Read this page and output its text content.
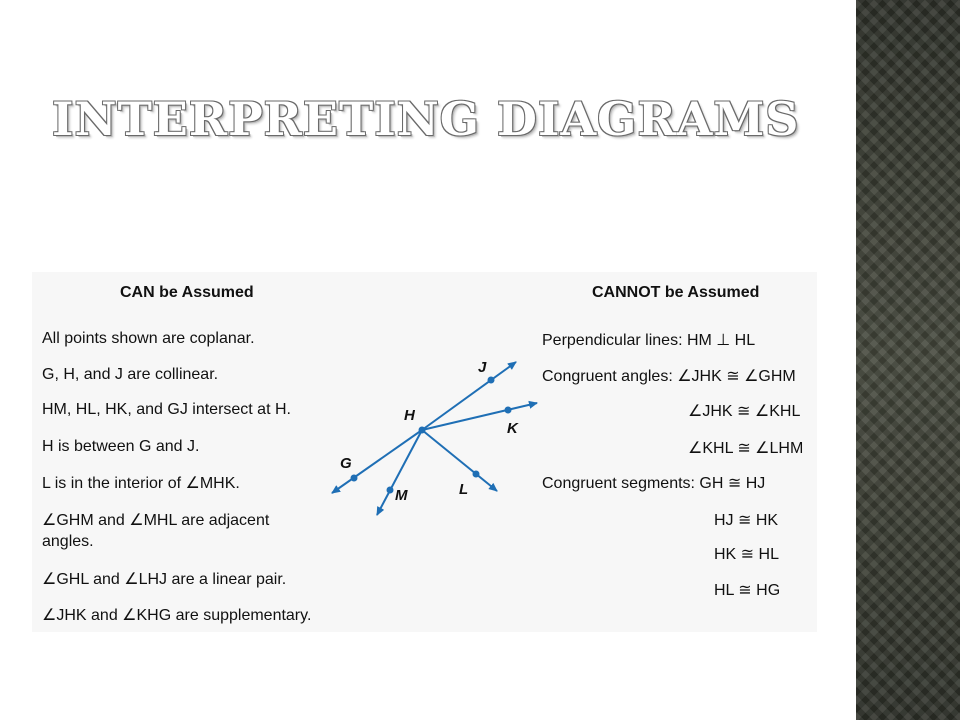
INTERPRETING DIAGRAMS
CAN be Assumed	CANNOT be Assumed
All points shown are coplanar.
G, H, and J are collinear.
HM, HL, HK, and GJ intersect at H.
H is between G and J.
L is in the interior of ∠MHK.
∠GHM and ∠MHL are adjacent
angles.
∠GHL and ∠LHJ are a linear pair.
∠JHK and ∠KHG are supplementary.
Perpendicular lines: HM ⊥ HL
Congruent angles: ∠JHK ≅ ∠GHM
∠JHK ≅ ∠KHL
∠KHL ≅ ∠LHM
Congruent segments: GH ≅ HJ
HJ ≅ HK
HK ≅ HL
HL ≅ HG
J
H
K
G
M	L
